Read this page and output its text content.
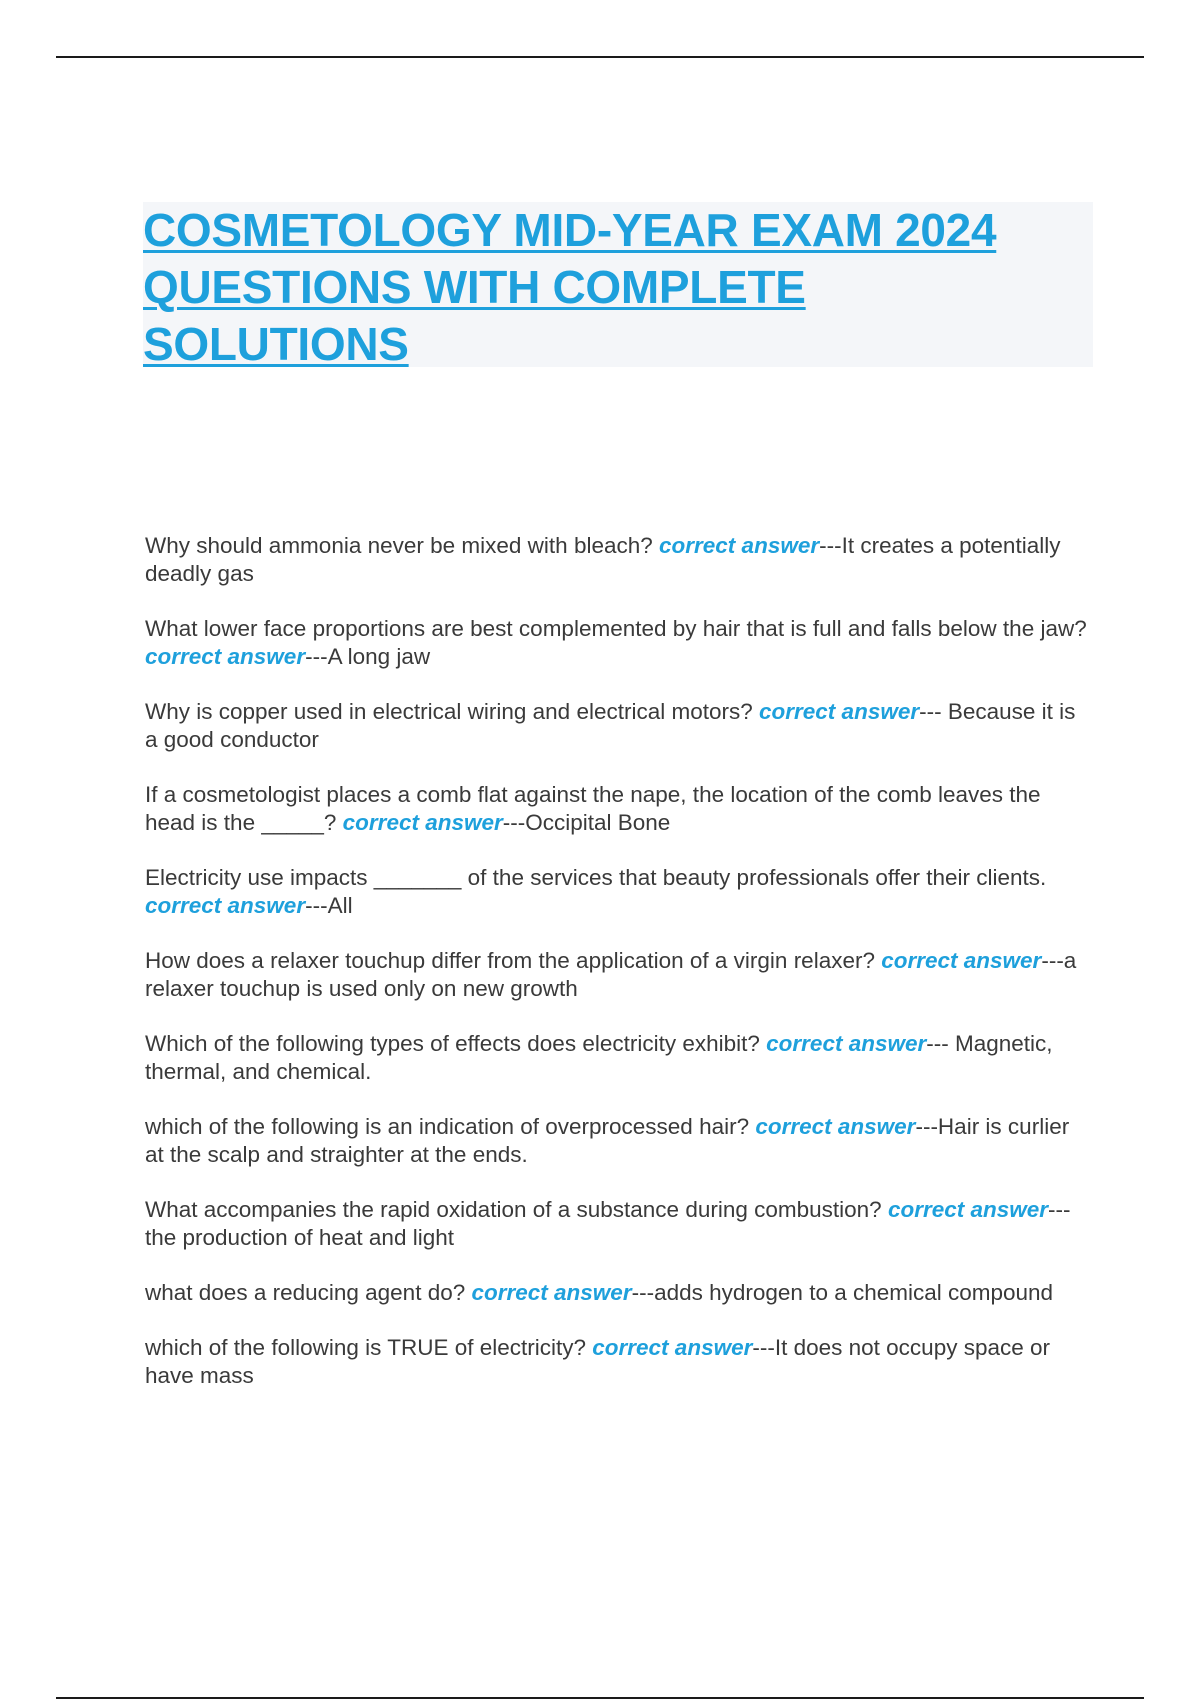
COSMETOLOGY MID-YEAR EXAM 2024
QUESTIONS WITH COMPLETE
SOLUTIONS

Why should ammonia never be mixed with bleach? correct answer---It creates a potentially deadly gas

What lower face proportions are best complemented by hair that is full and falls below the jaw? correct answer---A long jaw

Why is copper used in electrical wiring and electrical motors? correct answer--- Because it is a good conductor

If a cosmetologist places a comb flat against the nape, the location of the comb leaves the head is the _____? correct answer---Occipital Bone

Electricity use impacts _______ of the services that beauty professionals offer their clients. correct answer---All

How does a relaxer touchup differ from the application of a virgin relaxer? correct answer---a relaxer touchup is used only on new growth

Which of the following types of effects does electricity exhibit? correct answer--- Magnetic, thermal, and chemical.

which of the following is an indication of overprocessed hair? correct answer---Hair is curlier at the scalp and straighter at the ends.

What accompanies the rapid oxidation of a substance during combustion? correct answer---the production of heat and light

what does a reducing agent do? correct answer---adds hydrogen to a chemical compound

which of the following is TRUE of electricity? correct answer---It does not occupy space or have mass
